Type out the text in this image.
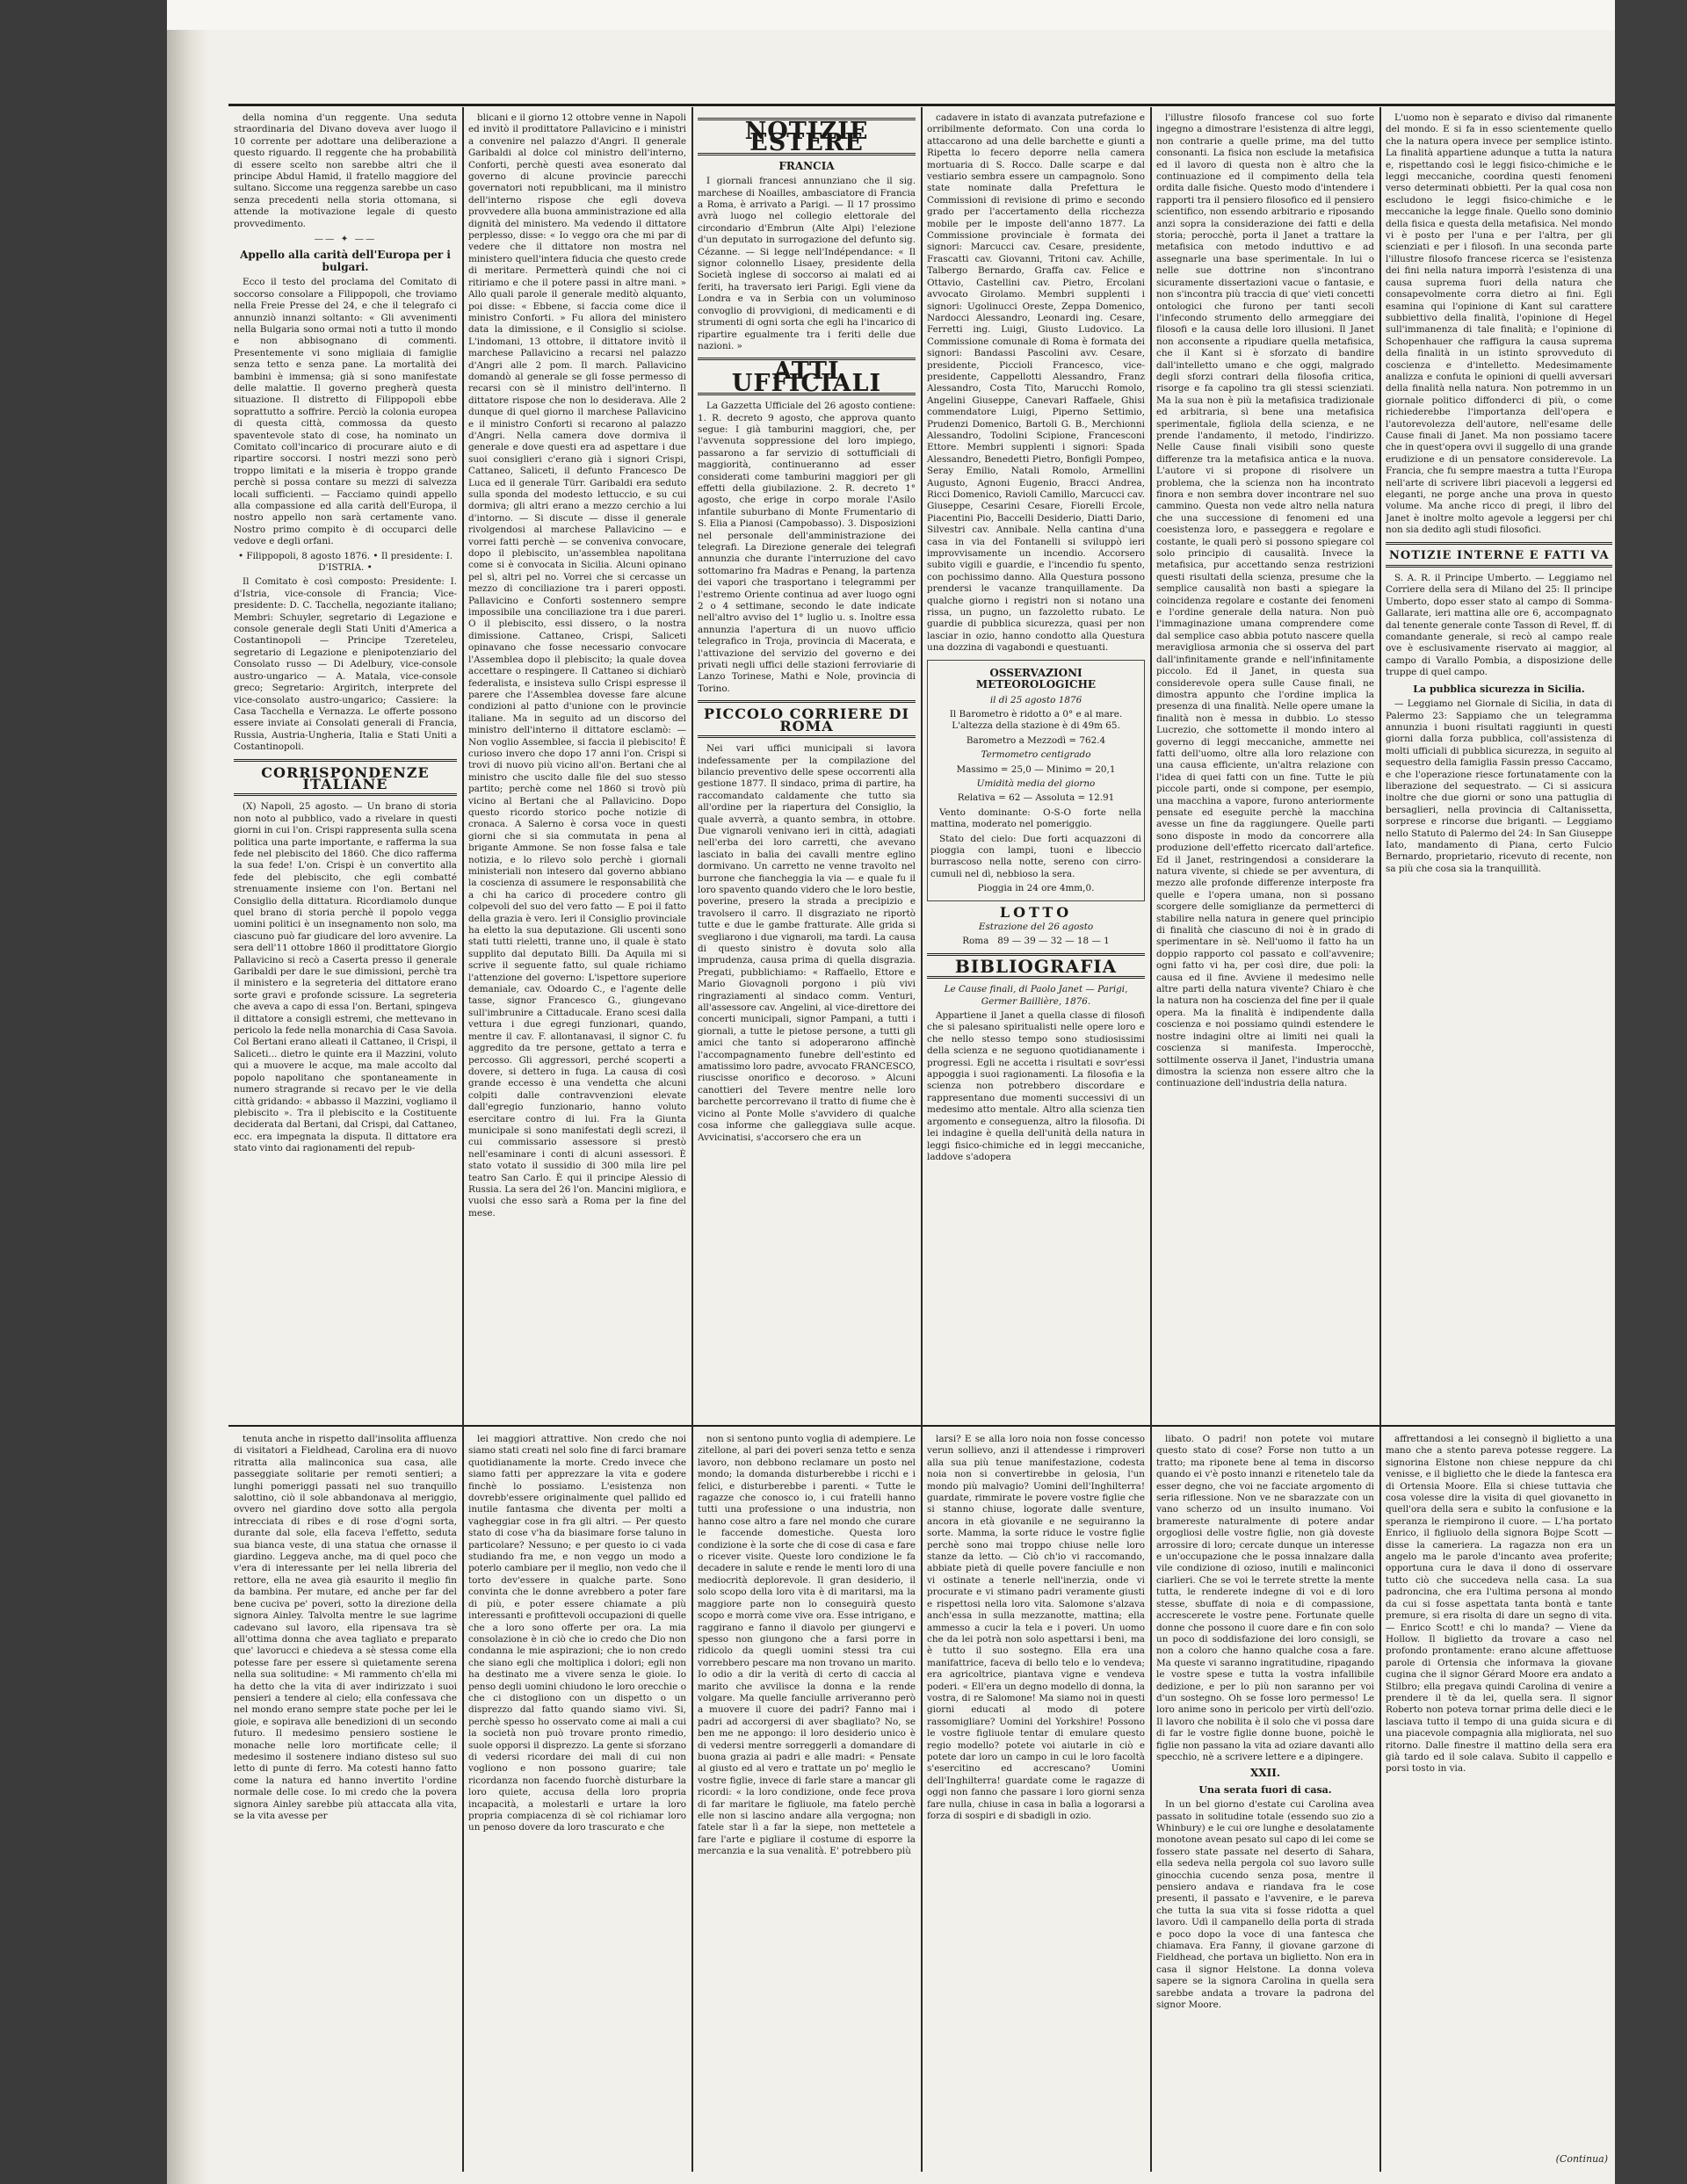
della nomina d'un reggente. Una seduta straordinaria del Divano doveva aver luogo il 10 corrente per adottare una deliberazione a questo riguardo. Il reggente che ha probabilità di essere scelto non sarebbe altri che il principe Abdul Hamid, il fratello maggiore del sultano. Siccome una reggenza sarebbe un caso senza precedenti nella storia ottomana, si attende la motivazione legale di questo provvedimento.

—— ✦ ——
Appello alla carità dell'Europa per i bulgari.

Ecco il testo del proclama del Comitato di soccorso consolare a Filippopoli, che troviamo nella Freie Presse del 24, e che il telegrafo ci annunziò innanzi soltanto: « Gli avvenimenti nella Bulgaria sono ormai noti a tutto il mondo e non abbisognano di commenti. Presentemente vi sono migliaia di famiglie senza tetto e senza pane. La mortalità dei bambini è immensa; già si sono manifestate delle malattie. Il governo pregherà questa situazione. Il distretto di Filippopoli ebbe soprattutto a soffrire. Perciò la colonia europea di questa città, commossa da questo spaventevole stato di cose, ha nominato un Comitato coll'incarico di procurare aiuto e di ripartire soccorsi. I nostri mezzi sono però troppo limitati e la miseria è troppo grande perchè si possa contare su mezzi di salvezza locali sufficienti. — Facciamo quindi appello alla compassione ed alla carità dell'Europa, il nostro appello non sarà certamente vano. Nostro primo compito è di occuparci delle vedove e degli orfani.

• Filippopoli, 8 agosto 1876. • Il presidente: I. D'ISTRIA. •

Il Comitato è così composto: Presidente: I. d'Istria, vice-console di Francia; Vice-presidente: D. C. Tacchella, negoziante italiano; Membri: Schuyler, segretario di Legazione e console generale degli Stati Uniti d'America a Costantinopoli — Principe Tzereteleu, segretario di Legazione e plenipotenziario del Consolato russo — Di Adelbury, vice-console austro-ungarico — A. Matala, vice-console greco; Segretario: Argiritch, interprete del vice-consolato austro-ungarico; Cassiere: la Casa Tacchella e Vernazza. Le offerte possono essere inviate ai Consolati generali di Francia, Russia, Austria-Ungheria, Italia e Stati Uniti a Costantinopoli.

CORRISPONDENZE ITALIANE

(X) Napoli, 25 agosto. — Un brano di storia non noto al pubblico, vado a rivelare in questi giorni in cui l'on. Crispi rappresenta sulla scena politica una parte importante, e rafferma la sua fede nel plebiscito del 1860. Che dico rafferma la sua fede! L'on. Crispi è un convertito alla fede del plebiscito, che egli combatté strenuamente insieme con l'on. Bertani nel Consiglio della dittatura. Ricordiamolo dunque quel brano di storia perchè il popolo vegga uomini politici è un insegnamento non solo, ma ciascuno può far giudicare del loro avvenire. La sera dell'11 ottobre 1860 il prodittatore Giorgio Pallavicino si recò a Caserta presso il generale Garibaldi per dare le sue dimissioni, perchè tra il ministero e la segreteria del dittatore erano sorte gravi e profonde scissure. La segreteria che aveva a capo di essa l'on. Bertani, spingeva il dittatore a consigli estremi, che mettevano in pericolo la fede nella monarchia di Casa Savoia. Col Bertani erano alleati il Cattaneo, il Crispi, il Saliceti... dietro le quinte era il Mazzini, voluto qui a muovere le acque, ma male accolto dal popolo napolitano che spontaneamente in numero stragrande si recavo per le vie della città gridando: « abbasso il Mazzini, vogliamo il plebiscito ». Tra il plebiscito e la Costituente deciderata dal Bertani, dal Crispi, dal Cattaneo, ecc. era impegnata la disputa. Il dittatore era stato vinto dai ragionamenti del repub-

blicani e il giorno 12 ottobre venne in Napoli ed invitò il prodittatore Pallavicino e i ministri a convenire nel palazzo d'Angri. Il generale Garibaldi al dolce col ministro dell'interno, Conforti, perchè questi avea esonerato dal governo di alcune provincie parecchi governatori noti repubblicani, ma il ministro dell'interno rispose che egli doveva provvedere alla buona amministrazione ed alla dignità del ministero. Ma vedendo il dittatore perplesso, disse: « Io veggo ora che mi par di vedere che il dittatore non mostra nel ministero quell'intera fiducia che questo crede di meritare. Permetterà quindi che noi ci ritiriamo e che il potere passi in altre mani. » Allo quali parole il generale meditò alquanto, poi disse: « Ebbene, si faccia come dice il ministro Conforti. » Fu allora del ministero data la dimissione, e il Consiglio si sciolse. L'indomani, 13 ottobre, il dittatore invitò il marchese Pallavicino a recarsi nel palazzo d'Angri alle 2 pom. Il march. Pallavicino domandò al generale se gli fosse permesso di recarsi con sè il ministro dell'interno. Il dittatore rispose che non lo desiderava. Alle 2 dunque di quel giorno il marchese Pallavicino e il ministro Conforti si recarono al palazzo d'Angri. Nella camera dove dormiva il generale e dove questi era ad aspettare i due suoi consiglieri c'erano già i signori Crispi, Cattaneo, Saliceti, il defunto Francesco De Luca ed il generale Türr. Garibaldi era seduto sulla sponda del modesto lettuccio, e su cui dormiva; gli altri erano a mezzo cerchio a lui d'intorno. — Si discute — disse il generale rivolgendosi al marchese Pallavicino — e vorrei fatti perchè — se conveniva convocare, dopo il plebiscito, un'assemblea napolitana come si è convocata in Sicilia. Alcuni opinano pel sì, altri pel no. Vorrei che si cercasse un mezzo di conciliazione tra i pareri opposti. Pallavicino e Conforti sostennero sempre impossibile una conciliazione tra i due pareri. O il plebiscito, essi dissero, o la nostra dimissione. Cattaneo, Crispi, Saliceti opinavano che fosse necessario convocare l'Assemblea dopo il plebiscito; la quale dovea accettare o respingere. Il Cattaneo si dichiarò federalista, e insisteva sullo Crispi espresse il parere che l'Assemblea dovesse fare alcune condizioni al patto d'unione con le provincie italiane. Ma in seguito ad un discorso del ministro dell'interno il dittatore esclamò: — Non voglio Assemblee, si faccia il plebiscito! È curioso invero che dopo 17 anni l'on. Crispi si trovi di nuovo più vicino all'on. Bertani che al ministro che uscito dalle file del suo stesso partito; perchè come nel 1860 si trovò più vicino al Bertani che al Pallavicino. Dopo questo ricordo storico poche notizie di cronaca. A Salerno è corsa voce in questi giorni che si sia commutata in pena al brigante Ammone. Se non fosse falsa e tale notizia, e lo rilevo solo perchè i giornali ministeriali non intesero dal governo abbiano la coscienza di assumere le responsabilità che a chi ha carico di procedere contro gli colpevoli del suo del vero fatto — E poi il fatto della grazia è vero. Ieri il Consiglio provinciale ha eletto la sua deputazione. Gli uscenti sono stati tutti rieletti, tranne uno, il quale è stato supplito dal deputato Billi. Da Aquila mi si scrive il seguente fatto, sul quale richiamo l'attenzione del governo: L'ispettore superiore demaniale, cav. Odoardo C., e l'agente delle tasse, signor Francesco G., giungevano sull'imbrunire a Cittaducale. Erano scesi dalla vettura i due egregi funzionari, quando, mentre il cav. F. allontanavasi, il signor C. fu aggredito da tre persone, gettato a terra e percosso. Gli aggressori, perché scoperti a dovere, si dettero in fuga. La causa di così grande eccesso è una vendetta che alcuni colpiti dalle contravvenzioni elevate dall'egregio funzionario, hanno voluto esercitare contro di lui. Fra la Giunta municipale si sono manifestati degli screzi, il cui commissario assessore si prestò nell'esaminare i conti di alcuni assessori. È stato votato il sussidio di 300 mila lire pel teatro San Carlo. È qui il principe Alessio di Russia. La sera del 26 l'on. Mancini migliora, e vuolsi che esso sarà a Roma per la fine del mese.

NOTIZIE ESTERE
FRANCIA

I giornali francesi annunziano che il sig. marchese di Noailles, ambasciatore di Francia a Roma, è arrivato a Parigi. — Il 17 prossimo avrà luogo nel collegio elettorale del circondario d'Embrun (Alte Alpi) l'elezione d'un deputato in surrogazione del defunto sig. Cézanne. — Si legge nell'Indépendance: « Il signor colonnello Lisaey, presidente della Società inglese di soccorso ai malati ed ai feriti, ha traversato ieri Parigi. Egli viene da Londra e va in Serbia con un voluminoso convoglio di provvigioni, di medicamenti e di strumenti di ogni sorta che egli ha l'incarico di ripartire egualmente tra i feriti delle due nazioni. »

ATTI UFFICIALI

La Gazzetta Ufficiale del 26 agosto contiene: 1. R. decreto 9 agosto, che approva quanto segue: I già tamburini maggiori, che, per l'avvenuta soppressione del loro impiego, passarono a far servizio di sottufficiali di maggiorità, continueranno ad esser considerati come tamburini maggiori per gli effetti della giubilazione. 2. R. decreto 1° agosto, che erige in corpo morale l'Asilo infantile suburbano di Monte Frumentario di S. Elia a Pianosi (Campobasso). 3. Disposizioni nel personale dell'amministrazione dei telegrafi. La Direzione generale dei telegrafi annunzia che durante l'interruzione del cavo sottomarino fra Madras e Penang, la partenza dei vapori che trasportano i telegrammi per l'estremo Oriente continua ad aver luogo ogni 2 o 4 settimane, secondo le date indicate nell'altro avviso del 1° luglio u. s. Inoltre essa annunzia l'apertura di un nuovo ufficio telegrafico in Troja, provincia di Macerata, e l'attivazione del servizio del governo e dei privati negli uffici delle stazioni ferroviarie di Lanzo Torinese, Mathi e Nole, provincia di Torino.

PICCOLO CORRIERE DI ROMA

Nei vari uffici municipali si lavora indefessamente per la compilazione del bilancio preventivo delle spese occorrenti alla gestione 1877. Il sindaco, prima di partire, ha raccomandato caldamente che tutto sia all'ordine per la riapertura del Consiglio, la quale avverrà, a quanto sembra, in ottobre. Due vignaroli venivano ieri in città, adagiati nell'erba dei loro carretti, che avevano lasciato in balìa dei cavalli mentre eglino dormivano. Un carretto ne venne travolto nel burrone che fiancheggia la via — e quale fu il loro spavento quando videro che le loro bestie, poverine, presero la strada a precipizio e travolsero il carro. Il disgraziato ne riportò tutte e due le gambe fratturate. Alle grida si svegliarono i due vignaroli, ma tardi. La causa di questo sinistro è dovuta solo alla imprudenza, causa prima di quella disgrazia. Pregati, pubblichiamo: « Raffaello, Ettore e Mario Giovagnoli porgono i più vivi ringraziamenti al sindaco comm. Venturi, all'assessore cav. Angelini, al vice-direttore dei concerti municipali, signor Pampani, a tutti i giornali, a tutte le pietose persone, a tutti gli amici che tanto si adoperarono affinchè l'accompagnamento funebre dell'estinto ed amatissimo loro padre, avvocato FRANCESCO, riuscisse onorifico e decoroso. » Alcuni canottieri del Tevere mentre nelle loro barchette percorrevano il tratto di fiume che è vicino al Ponte Molle s'avvidero di qualche cosa informe che galleggiava sulle acque. Avvicinatisi, s'accorsero che era un

cadavere in istato di avanzata putrefazione e orribilmente deformato. Con una corda lo attaccarono ad una delle barchette e giunti a Ripetta lo fecero deporre nella camera mortuaria di S. Rocco. Dalle scarpe e dal vestiario sembra essere un campagnolo. Sono state nominate dalla Prefettura le Commissioni di revisione di primo e secondo grado per l'accertamento della ricchezza mobile per le imposte dell'anno 1877. La Commissione provinciale è formata dei signori: Marcucci cav. Cesare, presidente, Frascatti cav. Giovanni, Tritoni cav. Achille, Talbergo Bernardo, Graffa cav. Felice e Ottavio, Castellini cav. Pietro, Ercolani avvocato Girolamo. Membri supplenti i signori: Ugolinucci Oreste, Zeppa Domenico, Nardocci Alessandro, Leonardi ing. Cesare, Ferretti ing. Luigi, Giusto Ludovico. La Commissione comunale di Roma è formata dei signori: Bandassi Pascolini avv. Cesare, presidente, Piccioli Francesco, vice-presidente, Cappellotti Alessandro, Franz Alessandro, Costa Tito, Marucchi Romolo, Angelini Giuseppe, Canevari Raffaele, Ghisi commendatore Luigi, Piperno Settimio, Prudenzi Domenico, Bartoli G. B., Merchionni Alessandro, Todolini Scipione, Francesconi Ettore. Membri supplenti i signori: Spada Alessandro, Benedetti Pietro, Bonfigli Pompeo, Seray Emilio, Natali Romolo, Armellini Augusto, Agnoni Eugenio, Bracci Andrea, Ricci Domenico, Ravioli Camillo, Marcucci cav. Giuseppe, Cesarini Cesare, Fiorelli Ercole, Piacentini Pio, Baccelli Desiderio, Diatti Dario, Silvestri cav. Annibale. Nella cantina d'una casa in via del Fontanelli si sviluppò ieri improvvisamente un incendio. Accorsero subito vigili e guardie, e l'incendio fu spento, con pochissimo danno. Alla Questura possono prendersi le vacanze tranquillamente. Da qualche giorno i registri non si notano una rissa, un pugno, un fazzoletto rubato. Le guardie di pubblica sicurezza, quasi per non lasciar in ozio, hanno condotto alla Questura una dozzina di vagabondi e questuanti.

OSSERVAZIONI METEOROLOGICHE

il dì 25 agosto 1876

Il Barometro è ridotto a 0° e al mare. L'altezza della stazione è di 49m 65.

Barometro a Mezzodì = 762.4

Termometro centigrado

Massimo = 25,0 — Minimo = 20,1

Umidità media del giorno

Relativa = 62 — Assoluta = 12.91

Vento dominante: O-S-O forte nella mattina, moderato nel pomeriggio.

Stato del cielo: Due forti acquazzoni di pioggia con lampi, tuoni e libeccio burrascoso nella notte, sereno con cirro-cumuli nel dì, nebbioso la sera.

Pioggia in 24 ore 4mm,0.

LOTTO

Estrazione del 26 agosto

Roma 89 — 39 — 32 — 18 — 1

BIBLIOGRAFIA

Le Cause finali, di Paolo Janet — Parigi, Germer Baillière, 1876.

Appartiene il Janet a quella classe di filosofi che si palesano spiritualisti nelle opere loro e che nello stesso tempo sono studiosissimi della scienza e ne seguono quotidianamente i progressi. Egli ne accetta i risultati e sovr'essi appoggia i suoi ragionamenti. La filosofia e la scienza non potrebbero discordare e rappresentano due momenti successivi di un medesimo atto mentale. Altro alla scienza tien argomento e conseguenza, altro la filosofia. Di lei indagine è quella dell'unità della natura in leggi fisico-chimiche ed in leggi meccaniche, laddove s'adopera

l'illustre filosofo francese col suo forte ingegno a dimostrare l'esistenza di altre leggi, non contrarie a quelle prime, ma del tutto consonanti. La fisica non esclude la metafisica ed il lavoro di questa non è altro che la continuazione ed il compimento della tela ordita dalle fisiche. Questo modo d'intendere i rapporti tra il pensiero filosofico ed il pensiero scientifico, non essendo arbitrario e riposando anzi sopra la considerazione dei fatti e della storia; perocchè, porta il Janet a trattare la metafisica con metodo induttivo e ad assegnarle una base sperimentale. In lui o nelle sue dottrine non s'incontrano sicuramente dissertazioni vacue o fantasie, e non s'incontra più traccia di que' vieti concetti ontologici che furono per tanti secoli l'infecondo strumento dello armeggiare dei filosofi e la causa delle loro illusioni. Il Janet non acconsente a ripudiare quella metafisica, che il Kant si è sforzato di bandire dall'intelletto umano e che oggi, malgrado degli sforzi contrari della filosofia critica, risorge e fa capolino tra gli stessi scienziati. Ma la sua non è più la metafisica tradizionale ed arbitraria, sì bene una metafisica sperimentale, figliola della scienza, e ne prende l'andamento, il metodo, l'indirizzo. Nelle Cause finali visibili sono queste differenze tra la metafisica antica e la nuova. L'autore vi si propone di risolvere un problema, che la scienza non ha incontrato finora e non sembra dover incontrare nel suo cammino. Questa non vede altro nella natura che una successione di fenomeni ed una coesistenza loro, e passeggera e regolare e costante, le quali però si possono spiegare col solo principio di causalità. Invece la metafisica, pur accettando senza restrizioni questi risultati della scienza, presume che la semplice causalità non basti a spiegare la coincidenza regolare e costante dei fenomeni e l'ordine generale della natura. Non può l'immaginazione umana comprendere come dal semplice caso abbia potuto nascere quella meravigliosa armonia che si osserva del part dall'infinitamente grande e nell'infinitamente piccolo. Ed il Janet, in questa sua considerevole opera sulle Cause finali, ne dimostra appunto che l'ordine implica la presenza di una finalità. Nelle opere umane la finalità non è messa in dubbio. Lo stesso Lucrezio, che sottomette il mondo intero al governo di leggi meccaniche, ammette nei fatti dell'uomo, oltre alla loro relazione con una causa efficiente, un'altra relazione con l'idea di quei fatti con un fine. Tutte le più piccole parti, onde si compone, per esempio, una macchina a vapore, furono anteriormente pensate ed eseguite perchè la macchina avesse un fine da raggiungere. Quelle parti sono disposte in modo da concorrere alla produzione dell'effetto ricercato dall'artefice. Ed il Janet, restringendosi a considerare la natura vivente, si chiede se per avventura, di mezzo alle profonde differenze interposte fra quelle e l'opera umana, non si possano scorgere delle somiglianze da permetterci di stabilire nella natura in genere quel principio di finalità che ciascuno di noi è in grado di sperimentare in sè. Nell'uomo il fatto ha un doppio rapporto col passato e coll'avvenire; ogni fatto vi ha, per così dire, due poli: la causa ed il fine. Avviene il medesimo nelle altre parti della natura vivente? Chiaro è che la natura non ha coscienza del fine per il quale opera. Ma la finalità è indipendente dalla coscienza e noi possiamo quindi estendere le nostre indagini oltre ai limiti nei quali la coscienza si manifesta. Imperocchè, sottilmente osserva il Janet, l'industria umana dimostra la scienza non essere altro che la continuazione dell'industria della natura.

L'uomo non è separato e diviso dal rimanente del mondo. E si fa in esso scientemente quello che la natura opera invece per semplice istinto. La finalità appartiene adunque a tutta la natura e, rispettando così le leggi fisico-chimiche e le leggi meccaniche, coordina questi fenomeni verso determinati obbietti. Per la qual cosa non escludono le leggi fisico-chimiche e le meccaniche la legge finale. Quello sono dominio della fisica e questa della metafisica. Nel mondo vi è posto per l'una e per l'altra, per gli scienziati e per i filosofi. In una seconda parte l'illustre filosofo francese ricerca se l'esistenza dei fini nella natura imporrà l'esistenza di una causa suprema fuori della natura che consapevolmente corra dietro ai fini. Egli esamina qui l'opinione di Kant sul carattere subbiettivo della finalità, l'opinione di Hegel sull'immanenza di tale finalità; e l'opinione di Schopenhauer che raffigura la causa suprema della finalità in un istinto sprovveduto di coscienza e d'intelletto. Medesimamente analizza e confuta le opinioni di quelli avversari della finalità nella natura. Non potremmo in un giornale politico diffonderci di più, o come richiederebbe l'importanza dell'opera e l'autorevolezza dell'autore, nell'esame delle Cause finali di Janet. Ma non possiamo tacere che in quest'opera ovvi il suggello di una grande erudizione e di un pensatore considerevole. La Francia, che fu sempre maestra a tutta l'Europa nell'arte di scrivere libri piacevoli a leggersi ed eleganti, ne porge anche una prova in questo volume. Ma anche ricco di pregi, il libro del Janet è inoltre molto agevole a leggersi per chi non sia dedito agli studi filosofici.

NOTIZIE INTERNE E FATTI VA

S. A. R. il Principe Umberto. — Leggiamo nel Corriere della sera di Milano del 25: Il principe Umberto, dopo esser stato al campo di Somma-Gallarate, ieri mattina alle ore 6, accompagnato dal tenente generale conte Tasson di Revel, ff. di comandante generale, si recò al campo reale ove è esclusivamente riservato ai maggior, al campo di Varallo Pombia, a disposizione delle truppe di quel campo.

La pubblica sicurezza in Sicilia.

— Leggiamo nel Giornale di Sicilia, in data di Palermo 23: Sappiamo che un telegramma annunzia i buoni risultati raggiunti in questi giorni dalla forza pubblica, coll'assistenza di molti ufficiali di pubblica sicurezza, in seguito al sequestro della famiglia Fassin presso Caccamo, e che l'operazione riesce fortunatamente con la liberazione del sequestrato. — Ci si assicura inoltre che due giorni or sono una pattuglia di bersaglieri, nella provincia di Caltanissetta, sorprese e rincorse due briganti. — Leggiamo nello Statuto di Palermo del 24: In San Giuseppe Iato, mandamento di Piana, certo Fulcio Bernardo, proprietario, ricevuto di recente, non sa più che cosa sia la tranquillità.

tenuta anche in rispetto dall'insolita affluenza di visitatori a Fieldhead, Carolina era di nuovo ritratta alla malinconica sua casa, alle passeggiate solitarie per remoti sentieri; a lunghi pomeriggi passati nel suo tranquillo salottino, ciò il sole abbandonava al meriggio, ovvero nel giardino dove sotto alla pergola intrecciata di ribes e di rose d'ogni sorta, durante dal sole, ella faceva l'effetto, seduta sua bianca veste, di una statua che ornasse il giardino. Leggeva anche, ma di quel poco che v'era di interessante per lei nella libreria del rettore, ella ne avea già esaurito il meglio fin da bambina. Per mutare, ed anche per far del bene cuciva pe' poveri, sotto la direzione della signora Ainley. Talvolta mentre le sue lagrime cadevano sul lavoro, ella ripensava tra sè all'ottima donna che avea tagliato e preparato que' lavorucci e chiedeva a sè stessa come ella potesse fare per essere sì quietamente serena nella sua solitudine: « Mi rammento ch'ella mi ha detto che la vita di aver indirizzato i suoi pensieri a tendere al cielo; ella confessava che nel mondo erano sempre state poche per lei le gioie, e sopirava alle benedizioni di un secondo futuro. Il medesimo pensiero sostiene le monache nelle loro mortificate celle; il medesimo il sostenere indiano disteso sul suo letto di punte di ferro. Ma cotesti hanno fatto come la natura ed hanno invertito l'ordine normale delle cose. Io mi credo che la povera signora Ainley sarebbe più attaccata alla vita, se la vita avesse per

lei maggiori attrattive. Non credo che noi siamo stati creati nel solo fine di farci bramare quotidianamente la morte. Credo invece che siamo fatti per apprezzare la vita e godere finchè lo possiamo. L'esistenza non dovrebb'essere originalmente quel pallido ed inutile fantasma che diventa per molti a vagheggiar cose in fra gli altri. — Per questo stato di cose v'ha da biasimare forse taluno in particolare? Nessuno; e per questo io ci vada studiando fra me, e non veggo un modo a poterlo cambiare per il meglio, non vedo che il torto dev'essere in qualche parte. Sono convinta che le donne avrebbero a poter fare di più, e poter essere chiamate a più interessanti e profittevoli occupazioni di quelle che a loro sono offerte per ora. La mia consolazione è in ciò che io credo che Dio non condanna le mie aspirazioni; che io non credo che siano egli che moltiplica i dolori; egli non ha destinato me a vivere senza le gioie. Io penso degli uomini chiudono le loro orecchie o che ci distogliono con un dispetto o un disprezzo dal fatto quando siamo vivi. Si, perchè spesso ho osservato come ai mali a cui la società non può trovare pronto rimedio, suole opporsi il disprezzo. La gente si sforzano di vedersi ricordare dei mali di cui non vogliono e non possono guarire; tale ricordanza non facendo fuorchè disturbare la loro quiete, accusa della loro propria incapacità, a molestarli e urtare la loro propria compiacenza di sè col richiamar loro un penoso dovere da loro trascurato e che

non si sentono punto voglia di adempiere. Le zitellone, al pari dei poveri senza tetto e senza lavoro, non debbono reclamare un posto nel mondo; la domanda disturberebbe i ricchi e i felici, e disturberebbe i parenti. « Tutte le ragazze che conosco io, i cui fratelli hanno tutti una professione o una industria, non hanno cose altro a fare nel mondo che curare le faccende domestiche. Questa loro condizione è la sorte che di cose di casa e fare o ricever visite. Queste loro condizione le fa decadere in salute e rende le menti loro di una mediocrità deplorevole. Il gran desiderio, il solo scopo della loro vita è di maritarsi, ma la maggiore parte non lo conseguirà questo scopo e morrà come vive ora. Esse intrigano, e raggirano e fanno il diavolo per giungervi e spesso non giungono che a farsi porre in ridicolo da quegli uomini stessi tra cui vorrebbero pescare ma non trovano un marito. Io odio a dir la verità di certo di caccia al marito che avvilisce la donna e la rende volgare. Ma quelle fanciulle arriveranno però a muovere il cuore dei padri? Fanno mai i padri ad accorgersi di aver sbagliato? No, se ben me ne appongo: il loro desiderio unico è di vedersi mentre sorreggerli a domandare di buona grazia ai padri e alle madri: « Pensate al giusto ed al vero e trattate un po' meglio le vostre figlie, invece di farle stare a mancar gli ricordi: « la loro condizione, onde fece prova di far maritare le figliuole, ma fatelo perchè elle non si lascino andare alla vergogna; non fatele star lì a far la siepe, non mettetele a fare l'arte e pigliare il costume di esporre la mercanzia e la sua venalità. E' potrebbero più

larsi? E se alla loro noia non fosse concesso verun sollievo, anzi il attendesse i rimproveri alla sua più tenue manifestazione, codesta noia non si convertirebbe in gelosia, l'un mondo più malvagio? Uomini dell'Inghilterra! guardate, rimmirate le povere vostre figlie che si stanno chiuse, logorate dalle sventure, ancora in età giovanile e ne seguiranno la sorte. Mamma, la sorte riduce le vostre figlie perchè sono mai troppo chiuse nelle loro stanze da letto. — Ciò ch'io vi raccomando, abbiate pietà di quelle povere fanciulle e non vi ostinate a tenerle nell'inerzia, onde vi procurate e vi stimano padri veramente giusti e rispettosi nella loro vita. Salomone s'alzava anch'essa in sulla mezzanotte, mattina; ella ammesso a cucir la tela e i poveri. Un uomo che da lei potrà non solo aspettarsi i beni, ma è tutto il suo sostegno. Ella era una manifattrice, faceva di bello telo e lo vendeva; era agricoltrice, piantava vigne e vendeva poderi. « Ell'era un degno modello di donna, la vostra, di re Salomone! Ma siamo noi in questi giorni educati al modo di potere rassomigliare? Uomini del Yorkshire! Possono le vostre figliuole tentar di emulare questo regio modello? potete voi aiutarle in ciò e potete dar loro un campo in cui le loro facoltà s'esercitino ed accrescano? Uomini dell'Inghilterra! guardate come le ragazze di oggi non fanno che passare i loro giorni senza fare nulla, chiuse in casa in balìa a logorarsi a forza di sospiri e di sbadigli in ozio.

libato. O padri! non potete voi mutare questo stato di cose? Forse non tutto a un tratto; ma riponete bene al tema in discorso quando ei v'è posto innanzi e ritenetelo tale da esser degno, che voi ne facciate argomento di seria riflessione. Non ve ne sbarazzate con un vano scherzo od un insulto inumano. Voi bramereste naturalmente di potere andar orgogliosi delle vostre figlie, non già doveste arrossire di loro; cercate dunque un interesse e un'occupazione che le possa innalzare dalla vile condizione di ozioso, inutili e malinconici ciarlieri. Che se voi le terrete strette la mente tutta, le renderete indegne di voi e di loro stesse, sbuffate di noia e di compassione, accrescerete le vostre pene. Fortunate quelle donne che possono il cuore dare e fin con solo un poco di soddisfazione dei loro consigli, se non a coloro che hanno qualche cosa a fare. Ma queste vi saranno ingratitudine, ripagando le vostre spese e tutta la vostra infallibile dedizione, e per lo più non saranno per voi d'un sostegno. Oh se fosse loro permesso! Le loro anime sono in pericolo per virtù dell'ozio. Il lavoro che nobilita è il solo che vi possa dare di far le vostre figlie donne buone, poichè le figlie non passano la vita ad oziare davanti allo specchio, nè a scrivere lettere e a dipingere.

XXII.
Una serata fuori di casa.

In un bel giorno d'estate cui Carolina avea passato in solitudine totale (essendo suo zio a Whinbury) e le cui ore lunghe e desolatamente monotone avean pesato sul capo di lei come se fossero state passate nel deserto di Sahara, ella sedeva nella pergola col suo lavoro sulle ginocchia cucendo senza posa, mentre il pensiero andava e riandava fra le cose presenti, il passato e l'avvenire, e le pareva che tutta la sua vita si fosse ridotta a quel lavoro. Udì il campanello della porta di strada e poco dopo la voce di una fantesca che chiamava. Era Fanny, il giovane garzone di Fieldhead, che portava un biglietto. Non era in casa il signor Helstone. La donna voleva sapere se la signora Carolina in quella sera sarebbe andata a trovare la padrona del signor Moore.

affrettandosi a lei consegnò il biglietto a una mano che a stento pareva potesse reggere. La signorina Elstone non chiese neppure da chi venisse, e il biglietto che le diede la fantesca era di Ortensia Moore. Ella si chiese tuttavia che cosa volesse dire la visita di quel giovanetto in quell'ora della sera e subito la confusione e la speranza le riempirono il cuore. — L'ha portato Enrico, il figliuolo della signora Bojpe Scott — disse la cameriera. La ragazza non era un angelo ma le parole d'incanto avea proferite; opportuna cura le dava il dono di osservare tutto ciò che succedeva nella casa. La sua padroncina, che era l'ultima persona al mondo da cui si fosse aspettata tanta bontà e tante premure, si era risolta di dare un segno di vita. — Enrico Scott! e chi lo manda? — Viene da Hollow. Il biglietto da trovare a caso nel profondo prontamente: erano alcune affettuose parole di Ortensia che informava la giovane cugina che il signor Gérard Moore era andato a Stilbro; ella pregava quindi Carolina di venire a prendere il tè da lei, quella sera. Il signor Roberto non poteva tornar prima delle dieci e le lasciava tutto il tempo di una guida sicura e di una piacevole compagnia alla migliorata, nel suo ritorno. Dalle finestre il mattino della sera era già tardo ed il sole calava. Subito il cappello e porsi tosto in via.

(Continua)
